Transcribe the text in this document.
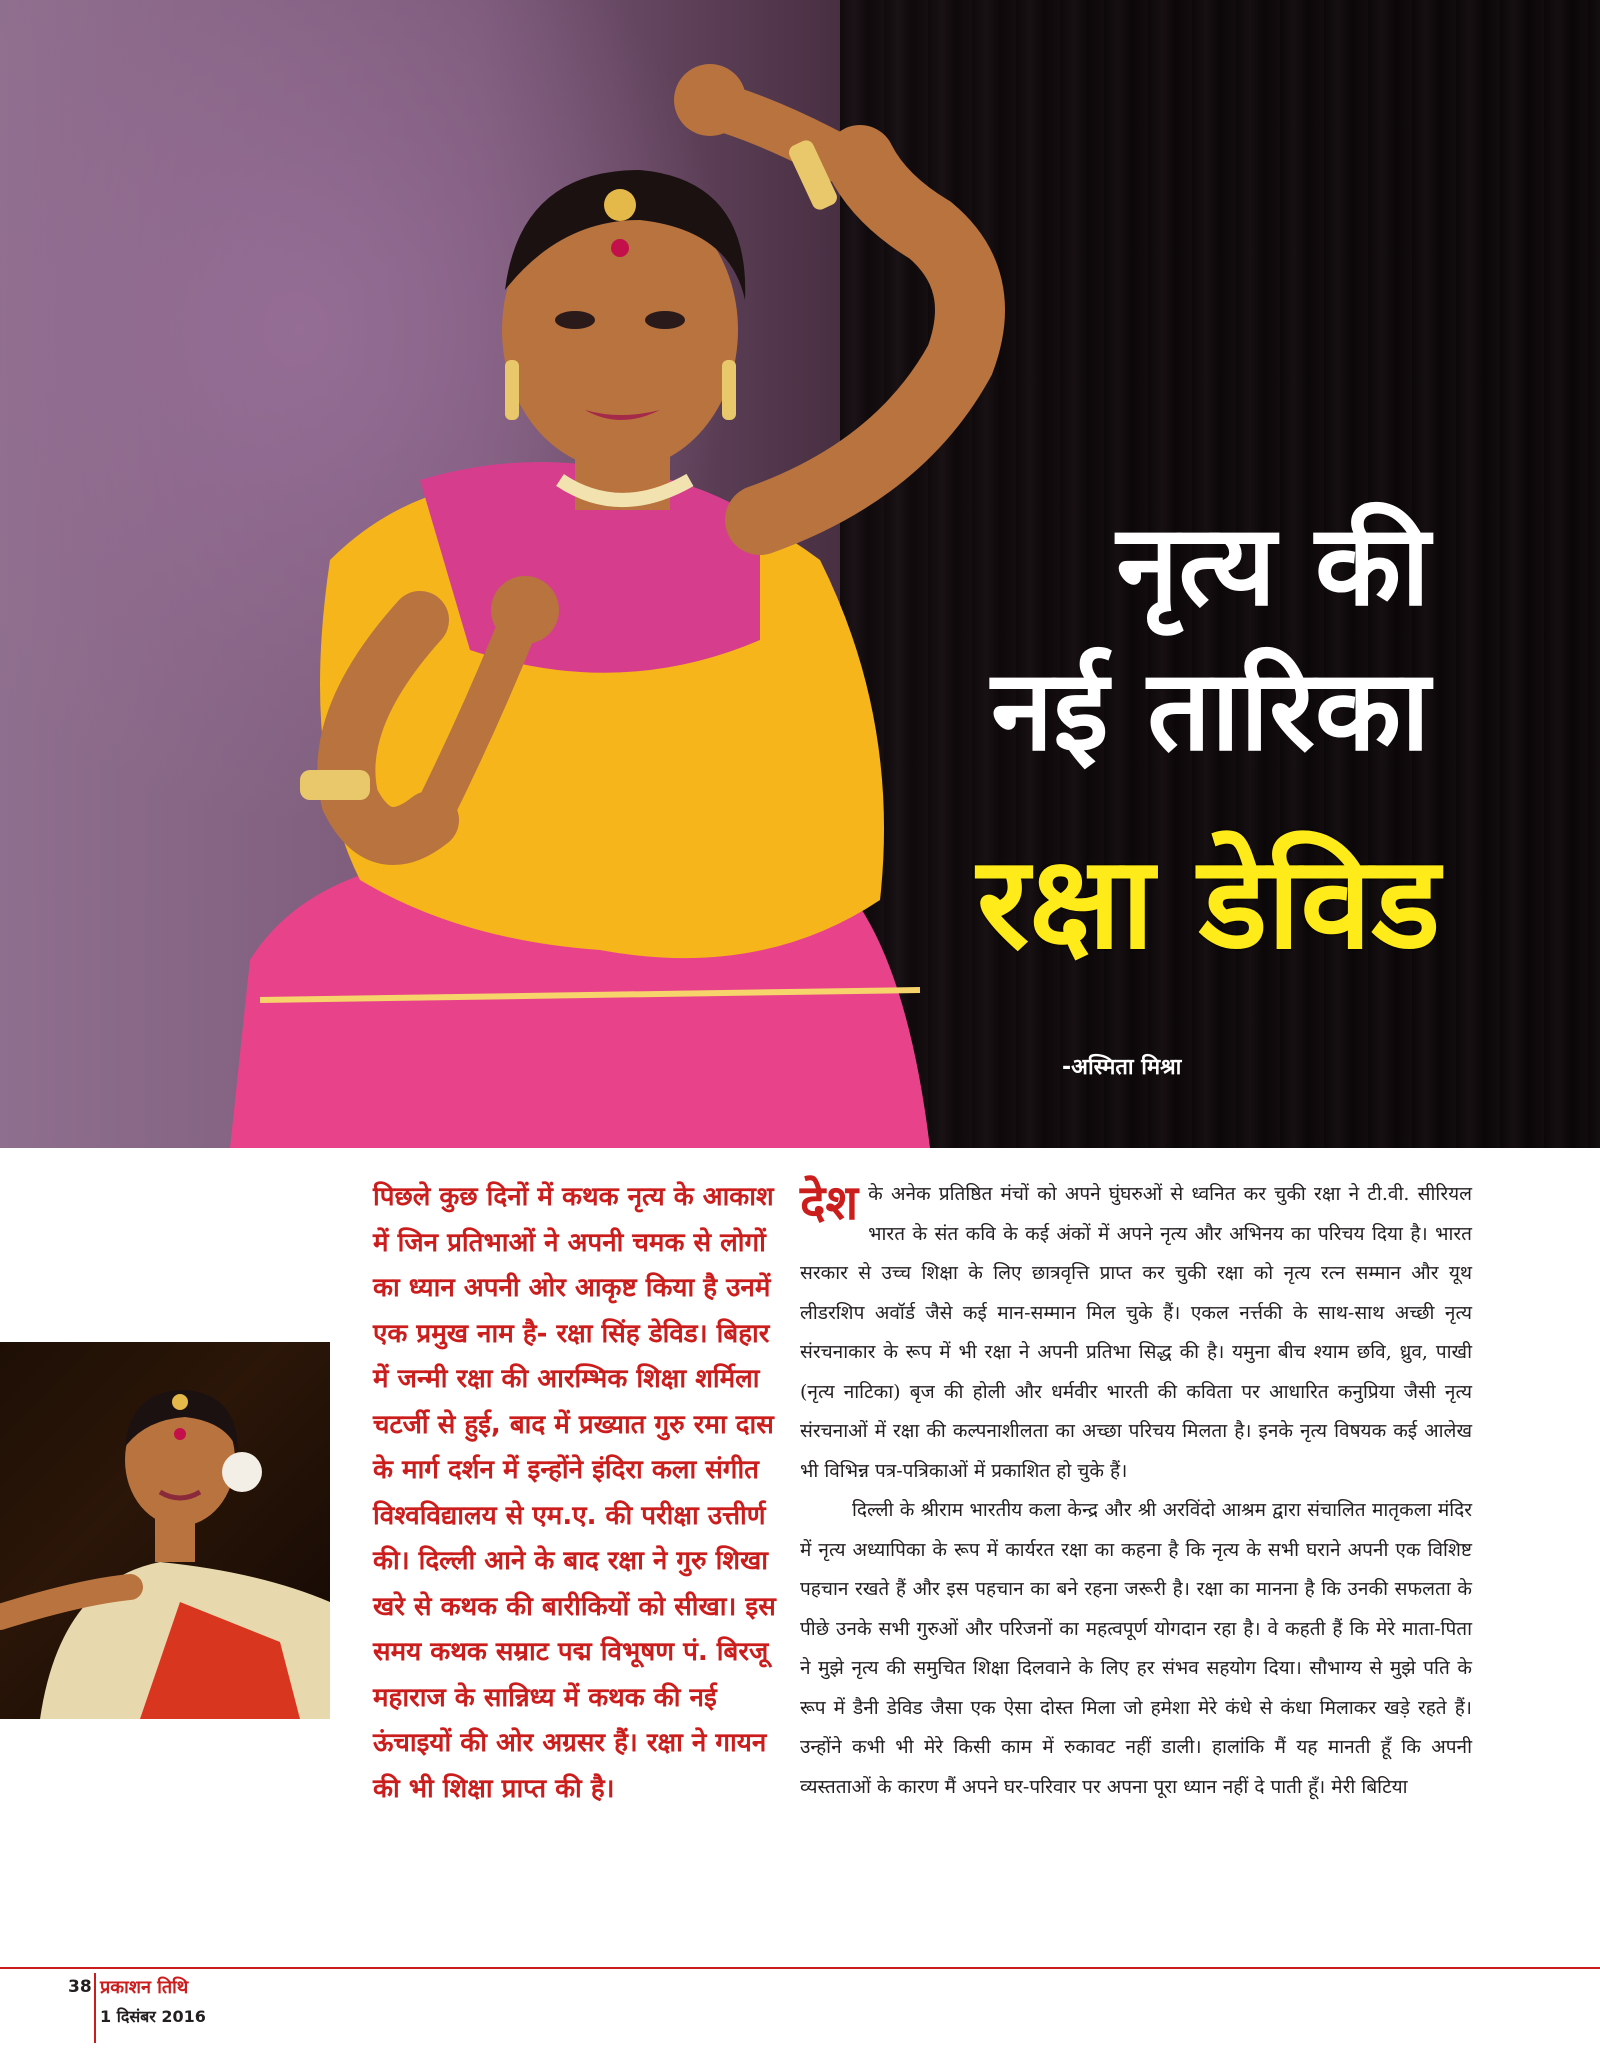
नृत्य की
नई तारिका
रक्षा डेविड

-अस्मिता मिश्रा

पिछले कुछ दिनों में कथक नृत्य के आकाश में जिन प्रतिभाओं ने अपनी चमक से लोगों का ध्यान अपनी ओर आकृष्ट किया है उनमें एक प्रमुख नाम है- रक्षा सिंह डेविड। बिहार में जन्मी रक्षा की आरम्भिक शिक्षा शर्मिला चटर्जी से हुई, बाद में प्रख्यात गुरु रमा दास के मार्ग दर्शन में इन्होंने इंदिरा कला संगीत विश्वविद्यालय से एम.ए. की परीक्षा उत्तीर्ण की। दिल्ली आने के बाद रक्षा ने गुरु शिखा खरे से कथक की बारीकियों को सीखा। इस समय कथक सम्राट पद्म विभूषण पं. बिरजू महाराज के सान्निध्य में कथक की नई ऊंचाइयों की ओर अग्रसर हैं। रक्षा ने गायन की भी शिक्षा प्राप्त की है।

देश के अनेक प्रतिष्ठित मंचों को अपने घुंघरुओं से ध्वनित कर चुकी रक्षा ने टी.वी. सीरियल भारत के संत कवि के कई अंकों में अपने नृत्य और अभिनय का परिचय दिया है। भारत सरकार से उच्च शिक्षा के लिए छात्रवृत्ति प्राप्त कर चुकी रक्षा को नृत्य रत्न सम्मान और यूथ लीडरशिप अवॉर्ड जैसे कई मान-सम्मान मिल चुके हैं। एकल नर्त्तकी के साथ-साथ अच्छी नृत्य संरचनाकार के रूप में भी रक्षा ने अपनी प्रतिभा सिद्ध की है। यमुना बीच श्याम छवि, ध्रुव, पाखी (नृत्य नाटिका) बृज की होली और धर्मवीर भारती की कविता पर आधारित कनुप्रिया जैसी नृत्य संरचनाओं में रक्षा की कल्पनाशीलता का अच्छा परिचय मिलता है। इनके नृत्य विषयक कई आलेख भी विभिन्न पत्र-पत्रिकाओं में प्रकाशित हो चुके हैं।

दिल्ली के श्रीराम भारतीय कला केन्द्र और श्री अरविंदो आश्रम द्वारा संचालित मातृकला मंदिर में नृत्य अध्यापिका के रूप में कार्यरत रक्षा का कहना है कि नृत्य के सभी घराने अपनी एक विशिष्ट पहचान रखते हैं और इस पहचान का बने रहना जरूरी है। रक्षा का मानना है कि उनकी सफलता के पीछे उनके सभी गुरुओं और परिजनों का महत्वपूर्ण योगदान रहा है। वे कहती हैं कि मेरे माता-पिता ने मुझे नृत्य की समुचित शिक्षा दिलवाने के लिए हर संभव सहयोग दिया। सौभाग्य से मुझे पति के रूप में डैनी डेविड जैसा एक ऐसा दोस्त मिला जो हमेशा मेरे कंधे से कंधा मिलाकर खड़े रहते हैं। उन्होंने कभी भी मेरे किसी काम में रुकावट नहीं डाली। हालांकि मैं यह मानती हूँ कि अपनी व्यस्तताओं के कारण मैं अपने घर-परिवार पर अपना पूरा ध्यान नहीं दे पाती हूँ। मेरी बिटिया

38 प्रकाशन तिथि
1 दिसंबर 2016
